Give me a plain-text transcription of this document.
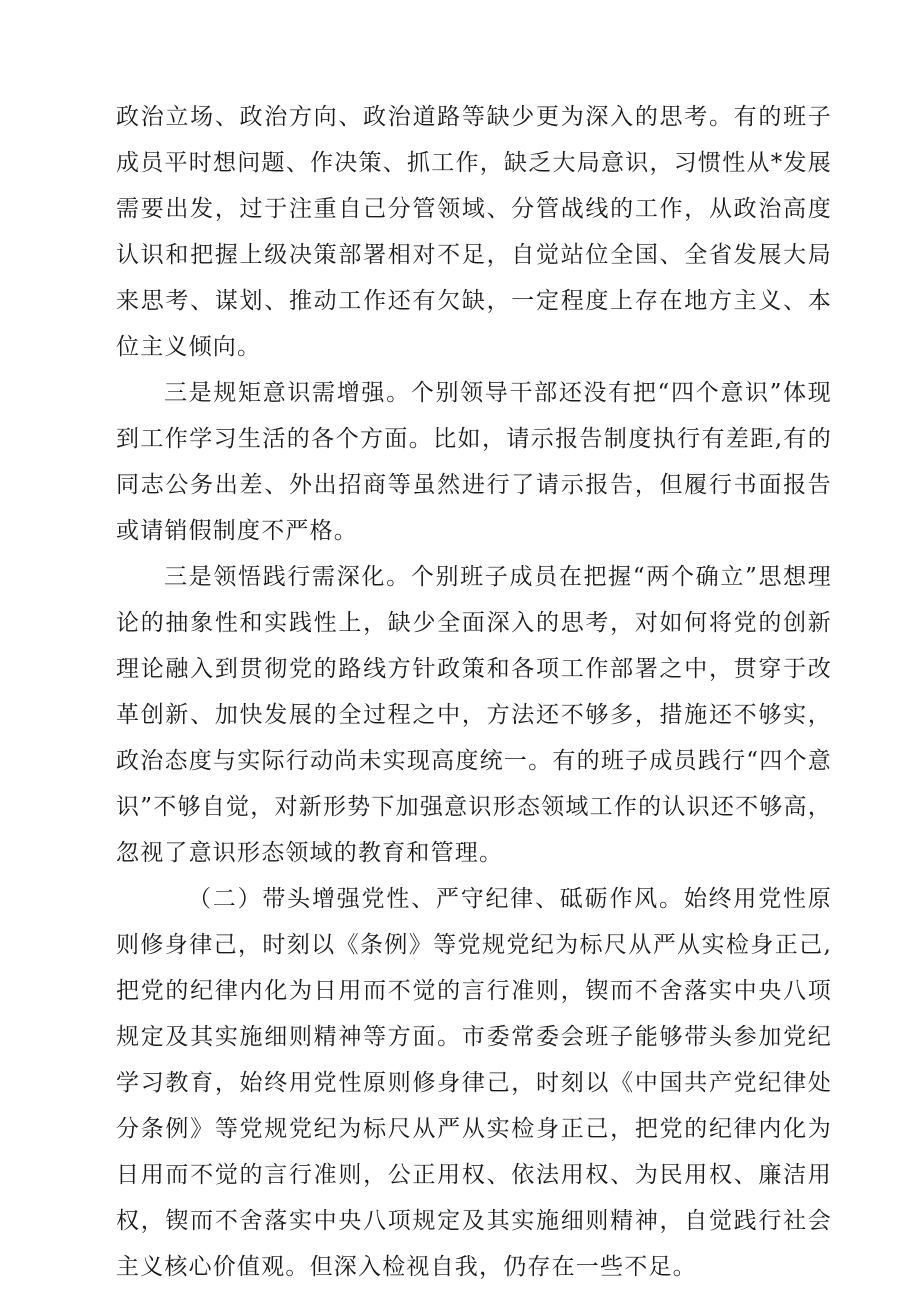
政治立场、政治方向、政治道路等缺少更为深入的思考。有的班子成员平时想问题、作决策、抓工作，缺乏大局意识，习惯性从*发展需要出发，过于注重自己分管领域、分管战线的工作，从政治高度认识和把握上级决策部署相对不足，自觉站位全国、全省发展大局来思考、谋划、推动工作还有欠缺，一定程度上存在地方主义、本位主义倾向。

三是规矩意识需增强。个别领导干部还没有把“四个意识”体现到工作学习生活的各个方面。比如，请示报告制度执行有差距,有的同志公务出差、外出招商等虽然进行了请示报告，但履行书面报告或请销假制度不严格。

三是领悟践行需深化。个别班子成员在把握“两个确立”思想理论的抽象性和实践性上，缺少全面深入的思考，对如何将党的创新理论融入到贯彻党的路线方针政策和各项工作部署之中，贯穿于改革创新、加快发展的全过程之中，方法还不够多，措施还不够实，政治态度与实际行动尚未实现高度统一。有的班子成员践行“四个意识”不够自觉，对新形势下加强意识形态领域工作的认识还不够高，忽视了意识形态领域的教育和管理。

（二）带头增强党性、严守纪律、砥砺作风。始终用党性原则修身律己，时刻以《条例》等党规党纪为标尺从严从实检身正己,把党的纪律内化为日用而不觉的言行准则，锲而不舍落实中央八项规定及其实施细则精神等方面。市委常委会班子能够带头参加党纪学习教育，始终用党性原则修身律己，时刻以《中国共产党纪律处分条例》等党规党纪为标尺从严从实检身正己，把党的纪律内化为日用而不觉的言行准则，公正用权、依法用权、为民用权、廉洁用权，锲而不舍落实中央八项规定及其实施细则精神，自觉践行社会主义核心价值观。但深入检视自我，仍存在一些不足。
